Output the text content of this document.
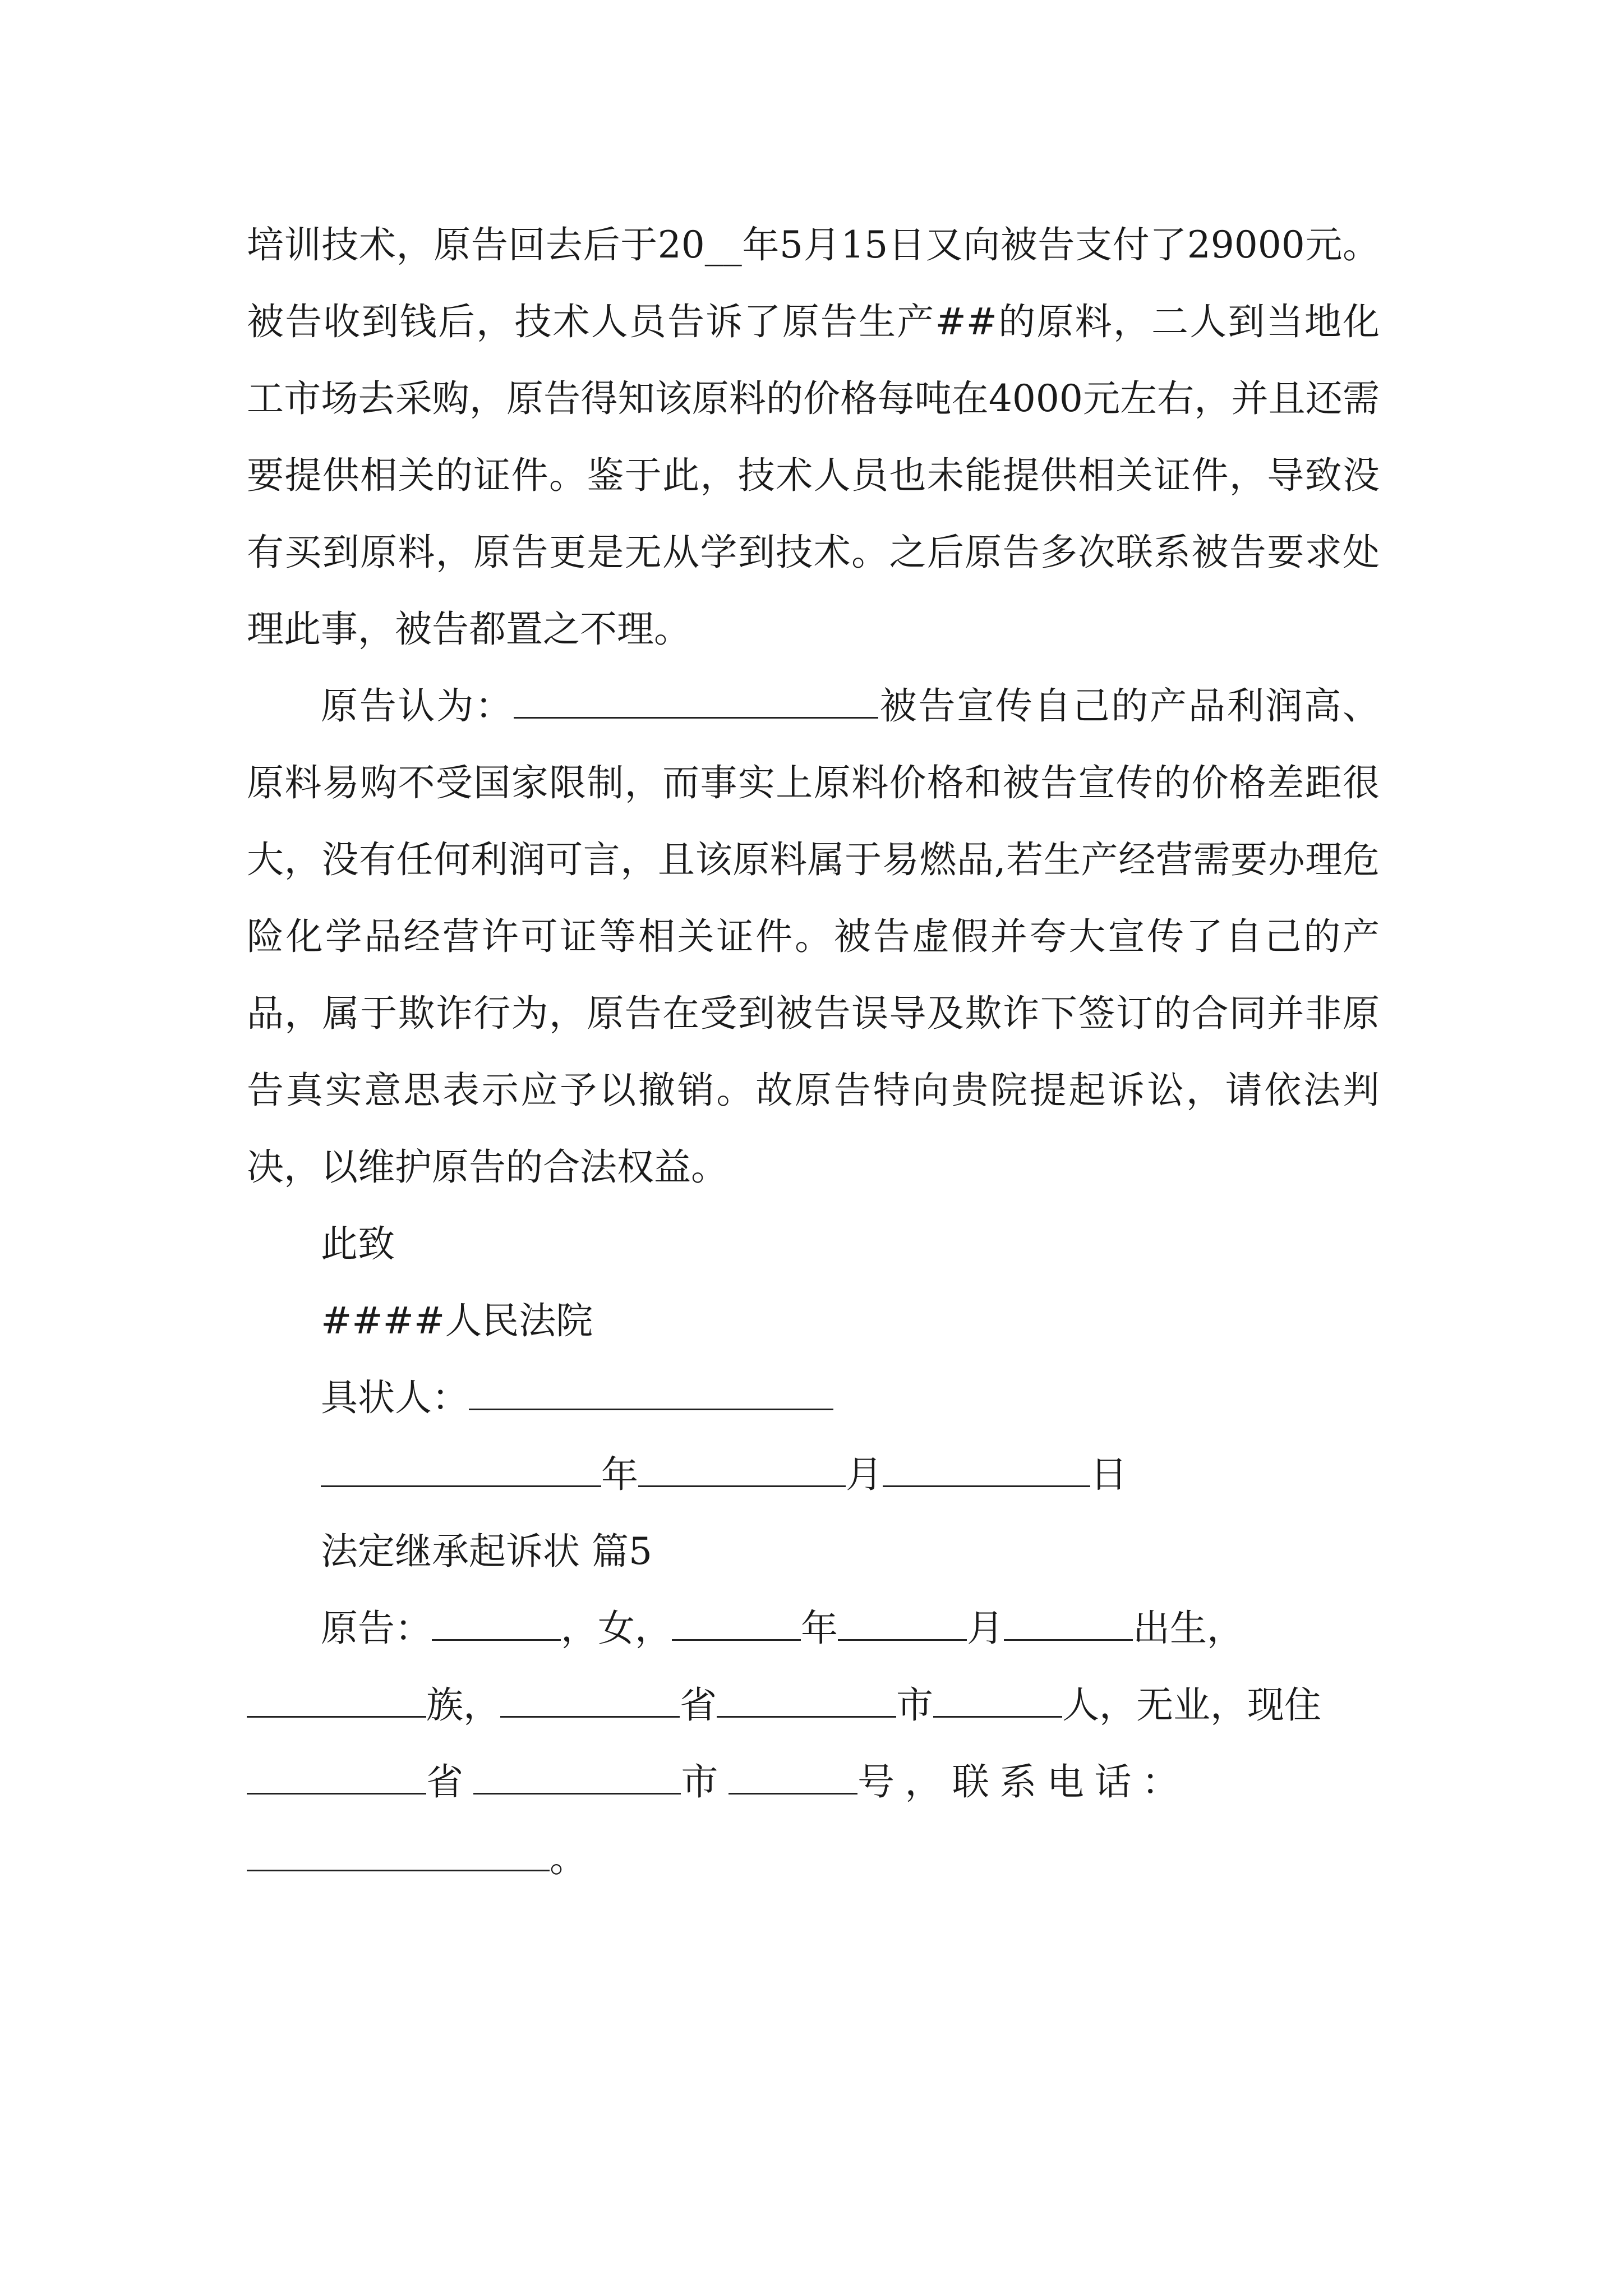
培训技术，原告回去后于20__年5月15日又向被告支付了29000元。被告收到钱后，技术人员告诉了原告生产##的原料，二人到当地化工市场去采购，原告得知该原料的价格每吨在4000元左右，并且还需要提供相关的证件。鉴于此，技术人员也未能提供相关证件，导致没有买到原料，原告更是无从学到技术。之后原告多次联系被告要求处理此事，被告都置之不理。

原告认为：	被告宣传自己的产品利润高、原料易购不受国家限制，而事实上原料价格和被告宣传的价格差距很大，没有任何利润可言，且该原料属于易燃品,若生产经营需要办理危险化学品经营许可证等相关证件。被告虚假并夸大宣传了自己的产品，属于欺诈行为，原告在受到被告误导及欺诈下签订的合同并非原告真实意思表示应予以撤销。故原告特向贵院提起诉讼，请依法判决，以维护原告的合法权益。

此致
####人民法院
具状人：
年	月	日
法定继承起诉状 篇5
原告：	，女，	年	月	出生，
族，	省	市	人，无业，现住
省	市	号，联系电话：
。
